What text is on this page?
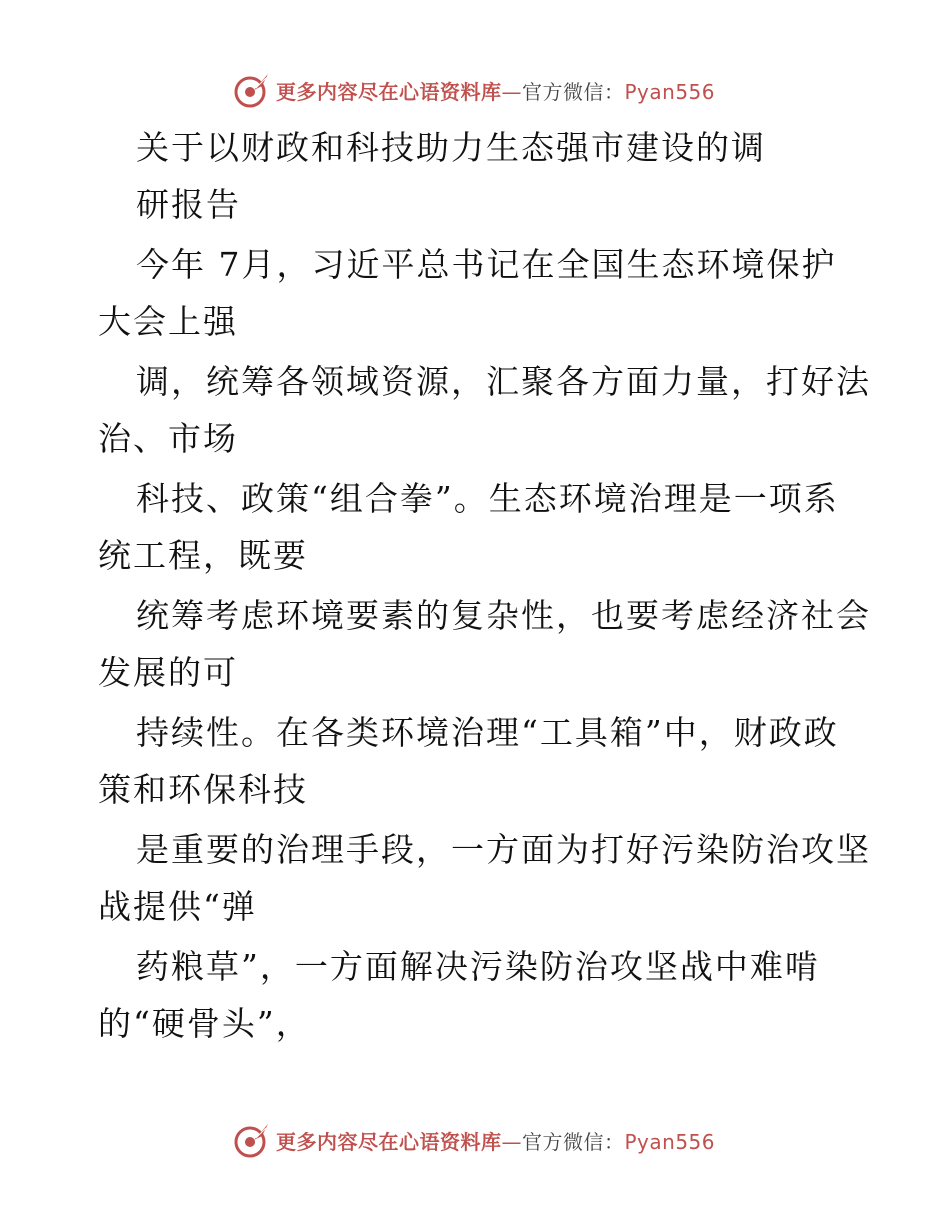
更多内容尽在心语资料库—官方微信：Pyan556

关于以财政和科技助力生态强市建设的调

研报告

今年 7月，习近平总书记在全国生态环境保护

大会上强

调，统筹各领域资源，汇聚各方面力量，打好法

治、市场

科技、政策“组合拳”。生态环境治理是一项系

统工程，既要

统筹考虑环境要素的复杂性，也要考虑经济社会

发展的可

持续性。在各类环境治理“工具箱”中，财政政

策和环保科技

是重要的治理手段，一方面为打好污染防治攻坚

战提供“弹

药粮草”，一方面解决污染防治攻坚战中难啃

的“硬骨头”，

更多内容尽在心语资料库—官方微信：Pyan556
